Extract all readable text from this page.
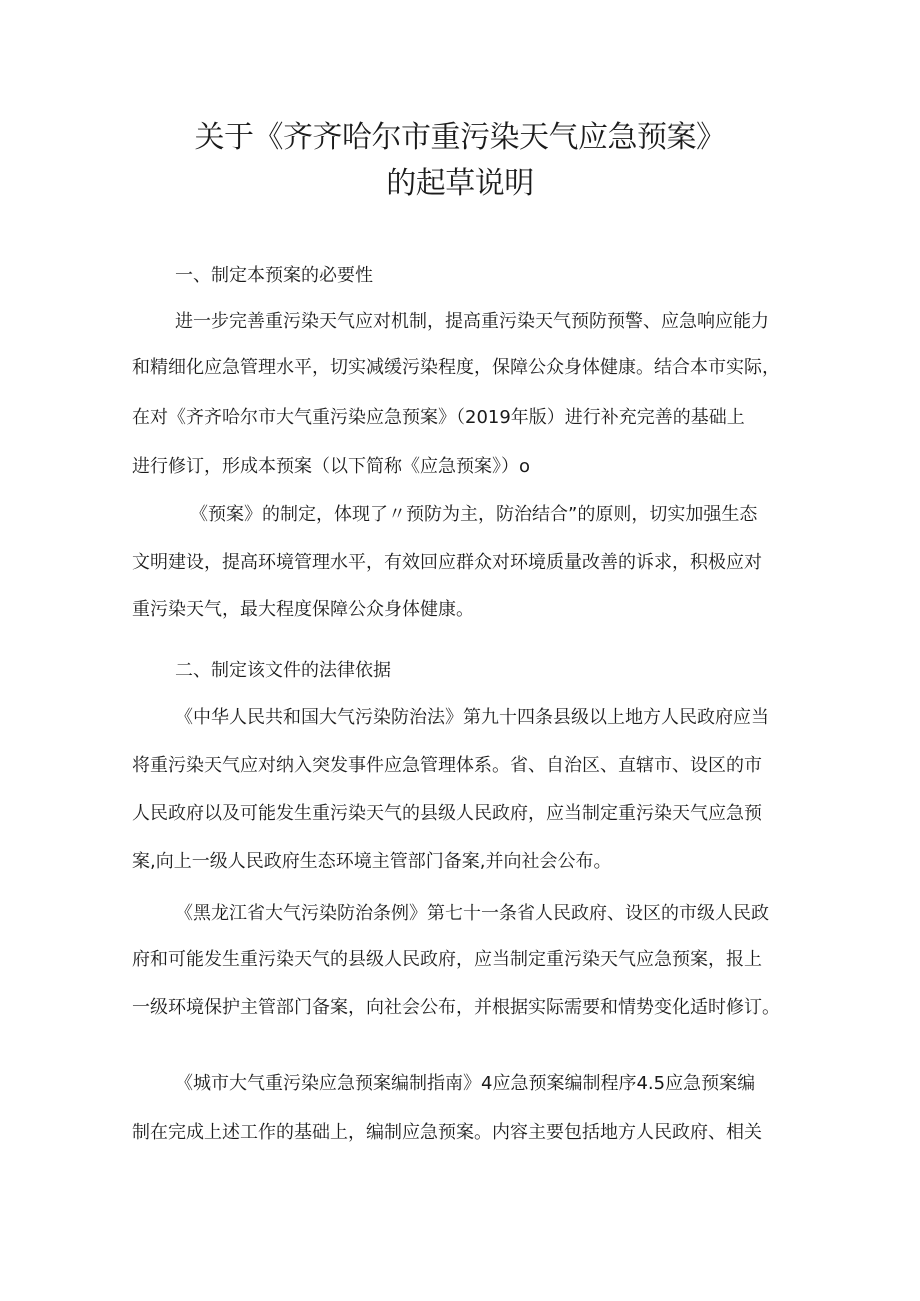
关于《齐齐哈尔市重污染天气应急预案》
的起草说明
一、制定本预案的必要性

进一步完善重污染天气应对机制，提高重污染天气预防预警、应急响应能力

和精细化应急管理水平，切实减缓污染程度，保障公众身体健康。结合本市实际，

在对《齐齐哈尔市大气重污染应急预案》（2019年版）进行补充完善的基础上

进行修订，形成本预案（以下简称《应急预案》）o

《预案》的制定，体现了〃预防为主，防治结合”的原则，切实加强生态

文明建设，提高环境管理水平，有效回应群众对环境质量改善的诉求，积极应对

重污染天气，最大程度保障公众身体健康。

二、制定该文件的法律依据

《中华人民共和国大气污染防治法》第九十四条县级以上地方人民政府应当

将重污染天气应对纳入突发事件应急管理体系。省、自治区、直辖市、设区的市

人民政府以及可能发生重污染天气的县级人民政府，应当制定重污染天气应急预

案,向上一级人民政府生态环境主管部门备案,并向社会公布。

《黑龙江省大气污染防治条例》第七十一条省人民政府、设区的市级人民政

府和可能发生重污染天气的县级人民政府，应当制定重污染天气应急预案，报上

一级环境保护主管部门备案，向社会公布，并根据实际需要和情势变化适时修订。

《城市大气重污染应急预案编制指南》4应急预案编制程序4.5应急预案编

制在完成上述工作的基础上，编制应急预案。内容主要包括地方人民政府、相关
